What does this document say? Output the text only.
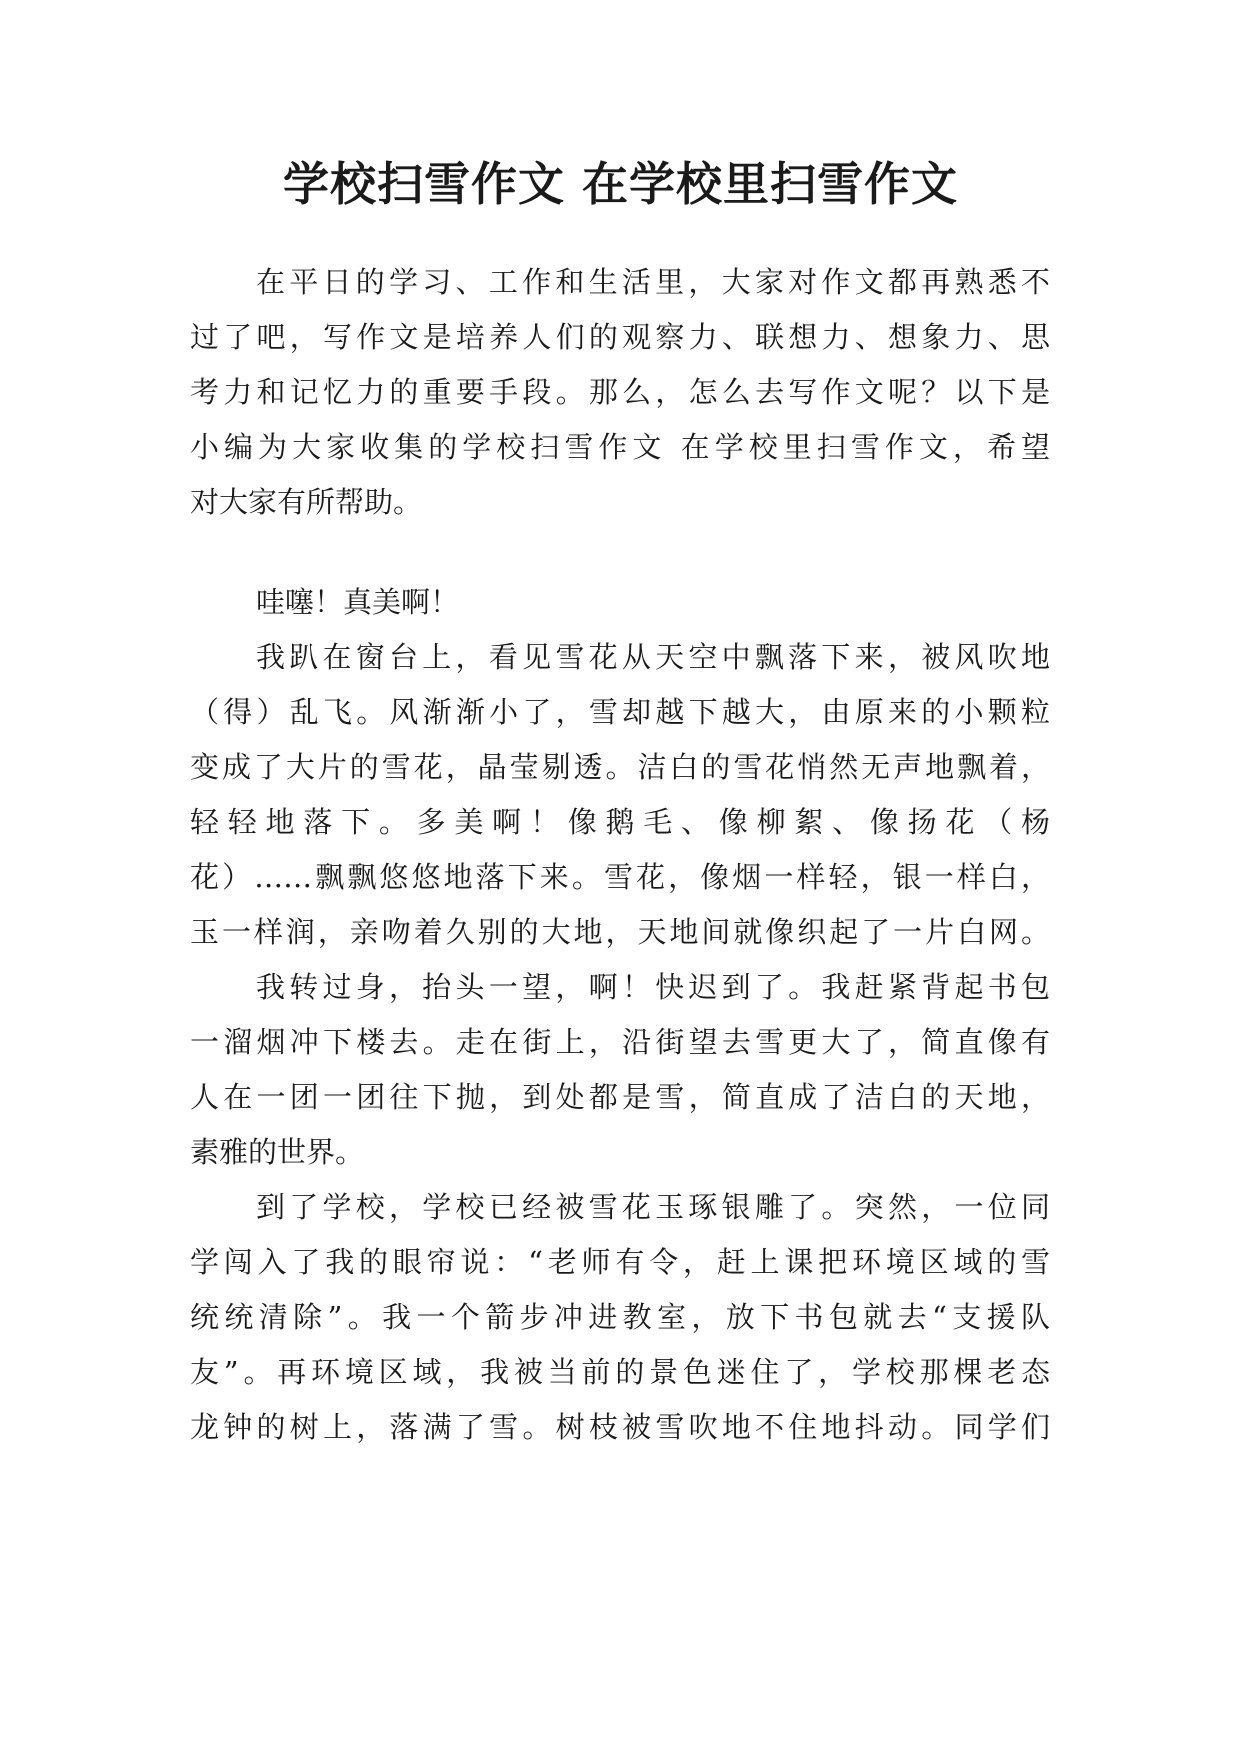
学校扫雪作文 在学校里扫雪作文
在平日的学习、工作和生活里，大家对作文都再熟悉不
过了吧，写作文是培养人们的观察力、联想力、想象力、思
考力和记忆力的重要手段。那么，怎么去写作文呢？以下是
小编为大家收集的学校扫雪作文 在学校里扫雪作文，希望
对大家有所帮助。
哇噻！真美啊！
我趴在窗台上，看见雪花从天空中飘落下来，被风吹地
（得）乱飞。风渐渐小了，雪却越下越大，由原来的小颗粒
变成了大片的雪花，晶莹剔透。洁白的雪花悄然无声地飘着，
轻轻地落下。多美啊！像鹅毛、像柳絮、像扬花（杨
花）……飘飘悠悠地落下来。雪花，像烟一样轻，银一样白，
玉一样润，亲吻着久别的大地，天地间就像织起了一片白网。
我转过身，抬头一望，啊！快迟到了。我赶紧背起书包
一溜烟冲下楼去。走在街上，沿街望去雪更大了，简直像有
人在一团一团往下抛，到处都是雪，简直成了洁白的天地，
素雅的世界。
到了学校，学校已经被雪花玉琢银雕了。突然，一位同
学闯入了我的眼帘说：“老师有令，赶上课把环境区域的雪
统统清除”。我一个箭步冲进教室，放下书包就去“支援队
友”。再环境区域，我被当前的景色迷住了，学校那棵老态
龙钟的树上，落满了雪。树枝被雪吹地不住地抖动。同学们
